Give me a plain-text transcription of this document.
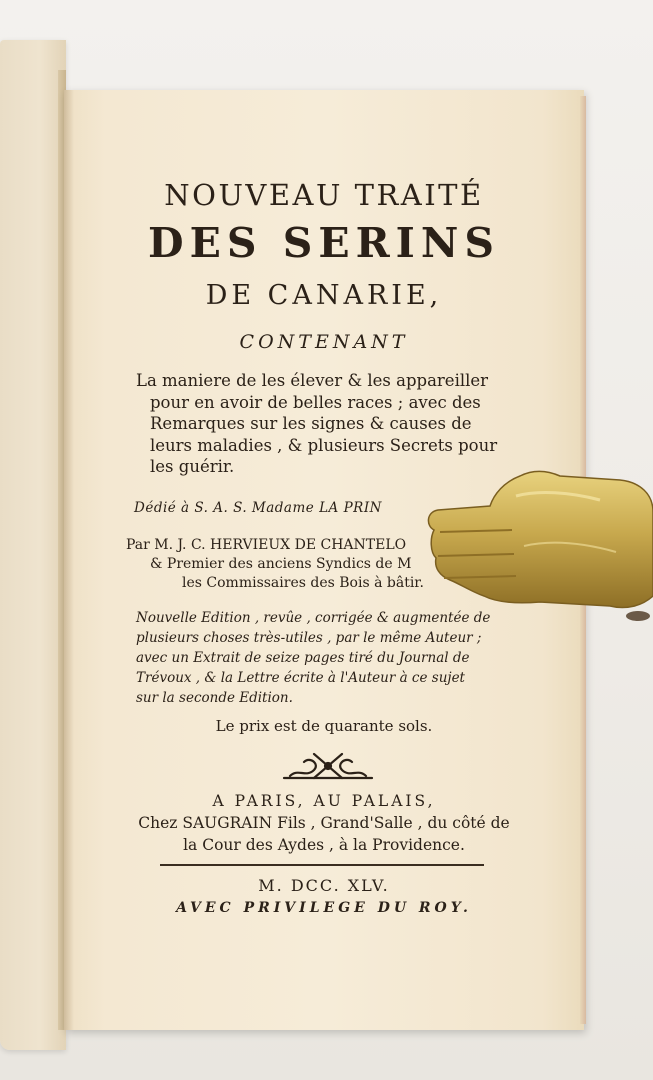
NOUVEAU TRAITÉ

DES SERINS

DE CANARIE,

CONTENANT

La maniere de les élever & les appareiller
pour en avoir de belles races ; avec des
Remarques sur les signes & causes de
leurs maladies , & plusieurs Secrets pour
les guérir.
Dédié à S. A. S. Madame LA PRIN
Par M. J. C. HERVIEUX DE CHANTELO
& Premier des anciens Syndics de M
les Commissaires des Bois à bâtir.
Nouvelle Edition , revûe , corrigée & augmentée de
plusieurs choses très-utiles , par le même Auteur ;
avec un Extrait de seize pages tiré du Journal de
Trévoux , & la Lettre écrite à l'Auteur à ce sujet
sur la seconde Edition.
Le prix est de quarante sols.
A PARIS, AU PALAIS,
Chez SAUGRAIN Fils , Grand'Salle , du côté de
la Cour des Aydes , à la Providence.
M. DCC. XLV.
AVEC PRIVILEGE DU ROY.
